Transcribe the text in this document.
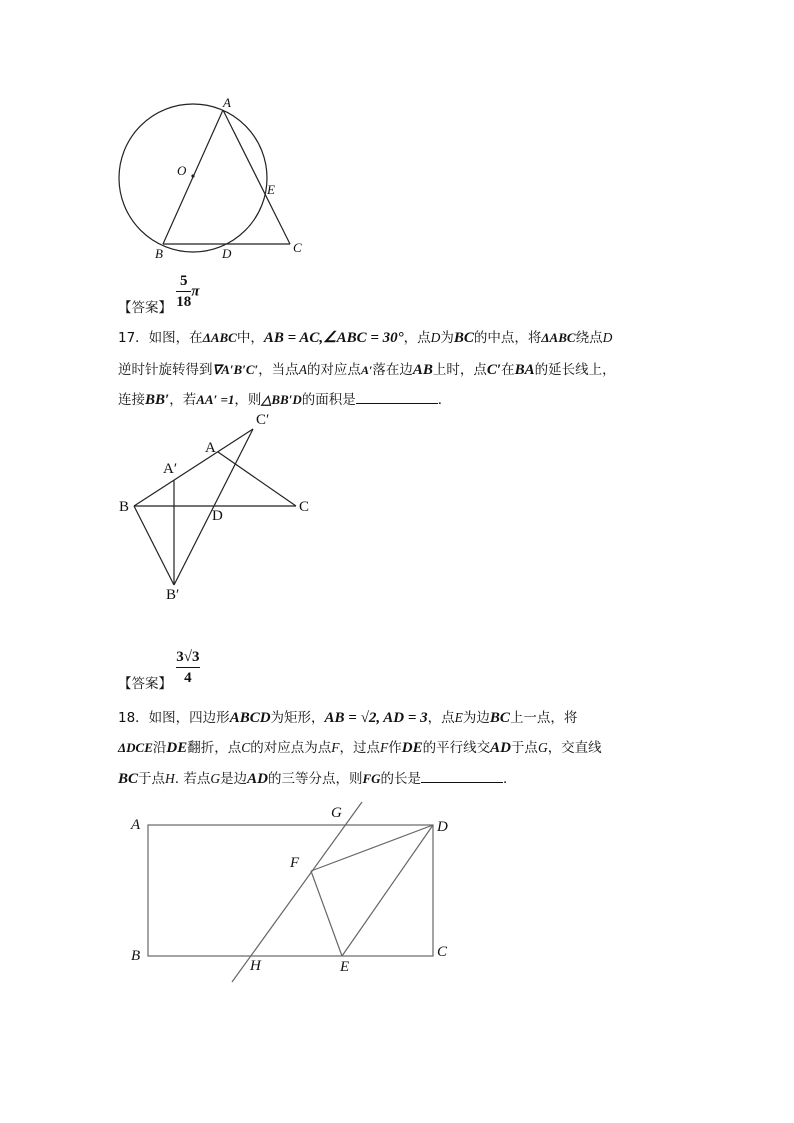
A
O
E
B	D	C
【答案】 $\frac{5}{18}$ π
17．如图，在ΔABC中，AB = AC,∠ABC = 30°，点D为BC的中点，将ΔABC绕点D
逆时针旋转得到∇A′B′C′，当点A的对应点A′落在边AB上时，点C′在BA的延长线上，
连接BB′，若AA′ =1，则△BB′D的面积是	．
C′
A
A′
B
D
C
B′
【答案】 $\frac{3√3}{4}$
18．如图，四边形ABCD为矩形，AB = √2, AD = 3，点E为边BC上一点，将
ΔDCE沿DE翻折，点C的对应点为点F，过点F作DE的平行线交AD于点G，交直线
BC于点H. 若点G是边AD的三等分点，则FG的长是	．
A
G
D
F
B
H	E
C
